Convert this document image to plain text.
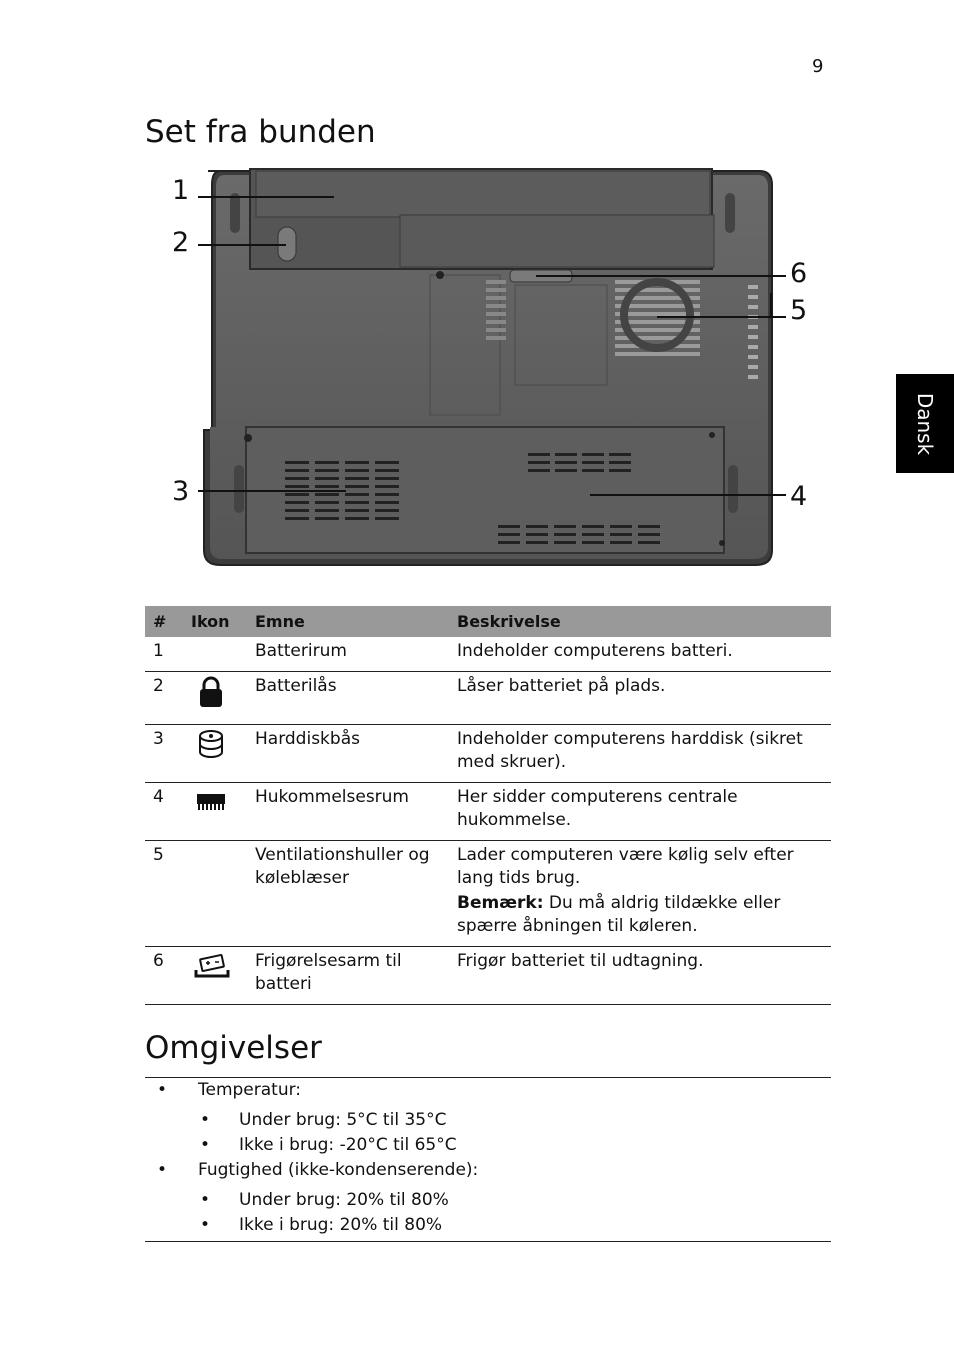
9
Set fra bunden
Dansk
1
2
3
6
5
4
#	Ikon	Emne	Beskrivelse
1		Batterirum	Indeholder computerens batteri.
2		Batterilås	Låser batteriet på plads.
3		Harddiskbås	Indeholder computerens harddisk (sikret med skruer).
4		Hukommelsesrum	Her sidder computerens centrale hukommelse.
5		Ventilationshuller og køleblæser	Lader computeren være kølig selv efter lang tids brug.

Bemærk: Du må aldrig tildække eller spærre åbningen til køleren.

6		Frigørelsesarm til batteri	Frigør batteriet til udtagning.
Omgivelser
• Temperatur:
• Under brug: 5°C til 35°C
• Ikke i brug: -20°C til 65°C
• Fugtighed (ikke-kondenserende):
• Under brug: 20% til 80%
• Ikke i brug: 20% til 80%
